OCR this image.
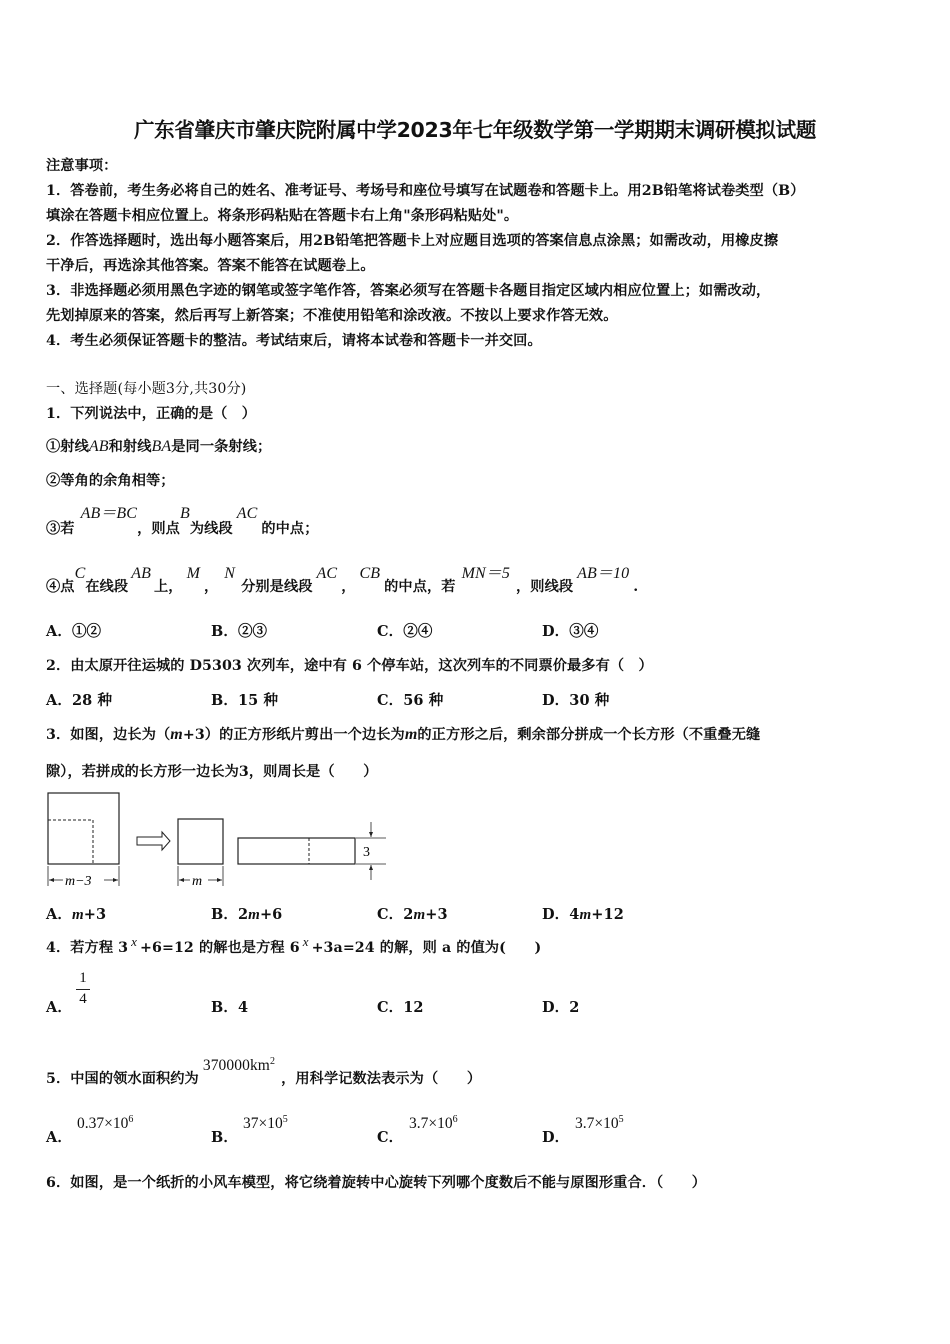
广东省肇庆市肇庆院附属中学2023年七年级数学第一学期期末调研模拟试题
注意事项：
1．答卷前，考生务必将自己的姓名、准考证号、考场号和座位号填写在试题卷和答题卡上。用2B铅笔将试卷类型（B）
填涂在答题卡相应位置上。将条形码粘贴在答题卡右上角"条形码粘贴处"。
2．作答选择题时，选出每小题答案后，用2B铅笔把答题卡上对应题目选项的答案信息点涂黑；如需改动，用橡皮擦
干净后，再选涂其他答案。答案不能答在试题卷上。
3．非选择题必须用黑色字迹的钢笔或签字笔作答，答案必须写在答题卡各题目指定区域内相应位置上；如需改动，
先划掉原来的答案，然后再写上新答案；不准使用铅笔和涂改液。不按以上要求作答无效。
4．考生必须保证答题卡的整洁。考试结束后，请将本试卷和答题卡一并交回。
一、选择题(每小题3分,共30分)
1．下列说法中，正确的是（　）
①射线AB和射线BA是同一条射线；
②等角的余角相等；
③若AB＝BC，则点B为线段AC的中点；
④点C在线段AB上，M，N分别是线段AC，CB的中点，若MN＝5，则线段AB＝10.
A．①②	B．②③	C．②④	D．③④
2．由太原开往运城的 D5303 次列车，途中有 6 个停车站，这次列车的不同票价最多有（　）
A．28 种	B．15 种	C．56 种	D．30 种
3．如图，边长为（m+3）的正方形纸片剪出一个边长为m的正方形之后，剩余部分拼成一个长方形（不重叠无缝
隙），若拼成的长方形一边长为3，则周长是（　　）
m−3	m
3
A．m+3	B．2m+6	C．2m+3	D．4m+12
4．若方程 3 x +6=12 的解也是方程 6 x +3a=24 的解，则 a 的值为(　　)
A．
1
4	B．4	C．12	D．2
5．中国的领水面积约为$370000km^2$，用科学记数法表示为（　　）
A．
$0.37\times 10^6$
B．
$37\times 10^5$
C．
$3.7\times 10^6$
D．
$3.7\times 10^5$
6．如图，是一个纸折的小风车模型，将它绕着旋转中心旋转下列哪个度数后不能与原图形重合．（　　）
